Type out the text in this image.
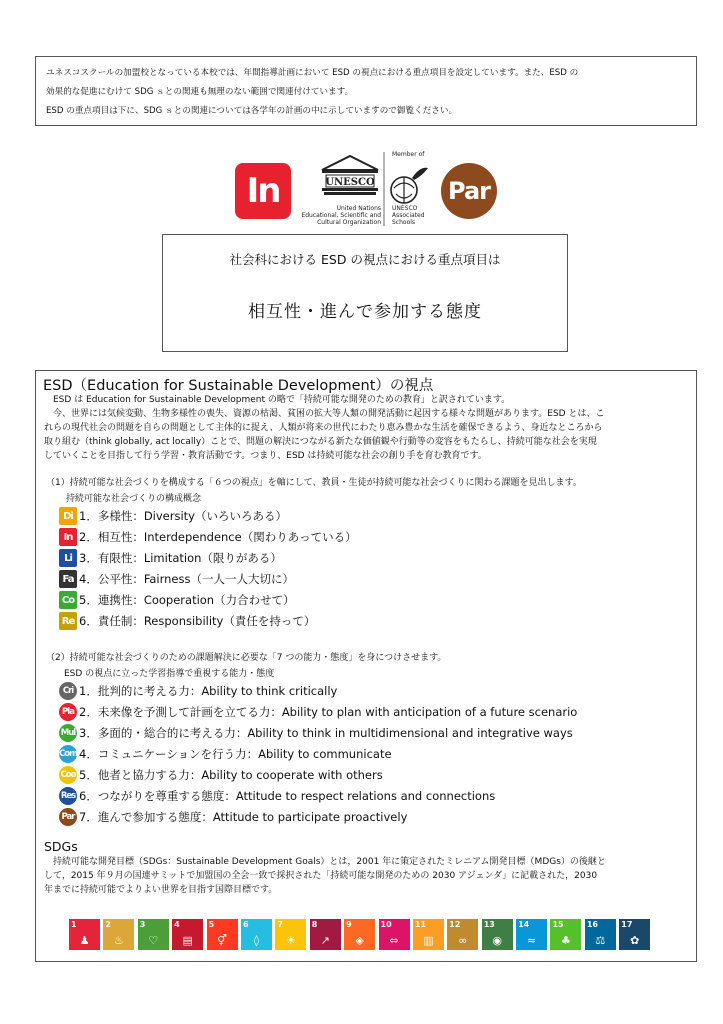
ユネスコスクールの加盟校となっている本校では、年間指導計画において ESD の視点における重点項目を設定しています。また、ESD の

効果的な促進にむけて SDG ｓとの関連も無理のない範囲で関連付けています。

ESD の重点項目は下に、SDG ｓとの関連については各学年の計画の中に示していますので御覧ください。

In	UNESCO
Member of
United Nations
Educational, Scientific and
Cultural Organization
UNESCO
Associated
Schools
Par
社会科における ESD の視点における重点項目は
相互性・進んで参加する態度
ESD（Education for Sustainable Development）の視点

ESD は Education for Sustainable Development の略で「持続可能な開発のための教育」と訳されています。

今、世界には気候変動、生物多様性の喪失、資源の枯渇、貧困の拡大等人類の開発活動に起因する様々な問題があります。ESD とは、こ

れらの現代社会の問題を自らの問題として主体的に捉え、人類が将来の世代にわたり恵み豊かな生活を確保できるよう、身近なところから

取り組む（think globally, act locally）ことで、問題の解決につながる新たな価値観や行動等の変容をもたらし、持続可能な社会を実現

していくことを目指して行う学習・教育活動です。つまり、ESD は持続可能な社会の創り手を育む教育です。

（1）持続可能な社会づくりを構成する「６つの視点」を軸にして、教員・生徒が持続可能な社会づくりに関わる課題を見出します。
持続可能な社会づくりの構成概念
Di 1．多様性：Diversity（いろいろある）
In 2．相互性：Interdependence（関わりあっている）
Li 3．有限性：Limitation（限りがある）
Fa 4．公平性：Fairness（一人一人大切に）
Co 5．連携性：Cooperation（力合わせて）
Re 6．責任制：Responsibility（責任を持って）
（2）持続可能な社会づくりのための課題解決に必要な「7 つの能力・態度」を身につけさせます。
ESD の視点に立った学習指導で重視する能力・態度
Cri 1．批判的に考える力：Ability to think critically
Pla 2．未来像を予測して計画を立てる力：Ability to plan with anticipation of a future scenario
Mul 3．多面的・総合的に考える力：Ability to think in multidimensional and integrative ways
Com 4．コミュニケーションを行う力：Ability to communicate
Coo 5．他者と協力する力：Ability to cooperate with others
Res 6．つながりを尊重する態度：Attitude to respect relations and connections
Par 7．進んで参加する態度：Attitude to participate proactively
SDGs

持続可能な開発目標（SDGs：Sustainable Development Goals）とは，2001 年に策定されたミレニアム開発目標（MDGs）の後継と

して，2015 年９月の国連サミットで加盟国の全会一致で採択された「持続可能な開発のための 2030 アジェンダ」に記載された，2030

年までに持続可能でよりよい世界を目指す国際目標です。

1
♟
2
♨
3
♡
4
▤
5
⚥
6
◊
7
☀
8
↗
9
◈
10
⇔
11
▥
12
∞
13
◉
14
≈
15
♣
16
⚖
17
✿
